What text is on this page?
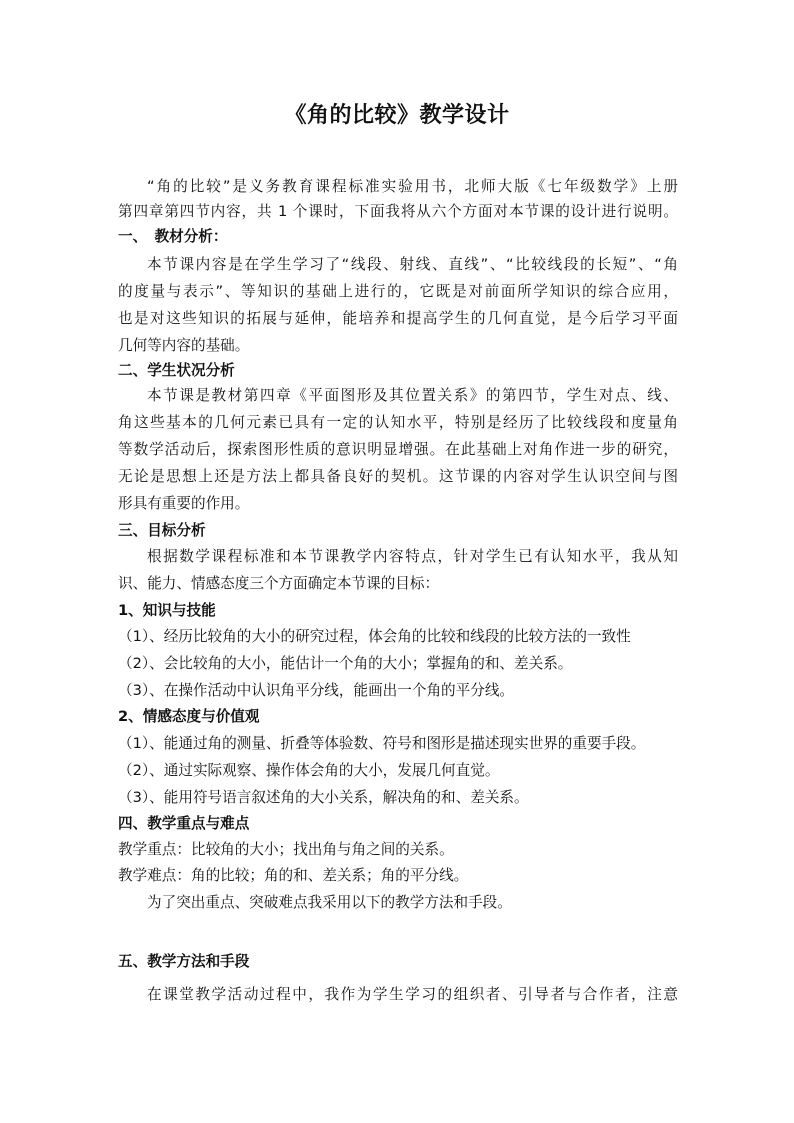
《角的比较》教学设计
“角的比较”是义务教育课程标准实验用书，北师大版《七年级数学》上册
第四章第四节内容，共 1 个课时，下面我将从六个方面对本节课的设计进行说明。
一、　教材分析：
本节课内容是在学生学习了“线段、射线、直线”、“比较线段的长短”、“角
的度量与表示”、等知识的基础上进行的，它既是对前面所学知识的综合应用，
也是对这些知识的拓展与延伸，能培养和提高学生的几何直觉，是今后学习平面
几何等内容的基础。
二、学生状况分析
本节课是教材第四章《平面图形及其位置关系》的第四节，学生对点、线、
角这些基本的几何元素已具有一定的认知水平，特别是经历了比较线段和度量角
等数学活动后，探索图形性质的意识明显增强。在此基础上对角作进一步的研究，
无论是思想上还是方法上都具备良好的契机。这节课的内容对学生认识空间与图
形具有重要的作用。
三、目标分析
根据数学课程标准和本节课教学内容特点，针对学生已有认知水平，我从知
识、能力、情感态度三个方面确定本节课的目标：
1、知识与技能
（1）、经历比较角的大小的研究过程，体会角的比较和线段的比较方法的一致性
（2）、会比较角的大小，能估计一个角的大小；掌握角的和、差关系。
（3）、在操作活动中认识角平分线，能画出一个角的平分线。
2、情感态度与价值观
（1）、能通过角的测量、折叠等体验数、符号和图形是描述现实世界的重要手段。
（2）、通过实际观察、操作体会角的大小，发展几何直觉。
（3）、能用符号语言叙述角的大小关系，解决角的和、差关系。
四、教学重点与难点
教学重点：比较角的大小；找出角与角之间的关系。
教学难点：角的比较；角的和、差关系；角的平分线。
为了突出重点、突破难点我采用以下的教学方法和手段。
五、教学方法和手段
在课堂教学活动过程中，我作为学生学习的组织者、引导者与合作者，注意
